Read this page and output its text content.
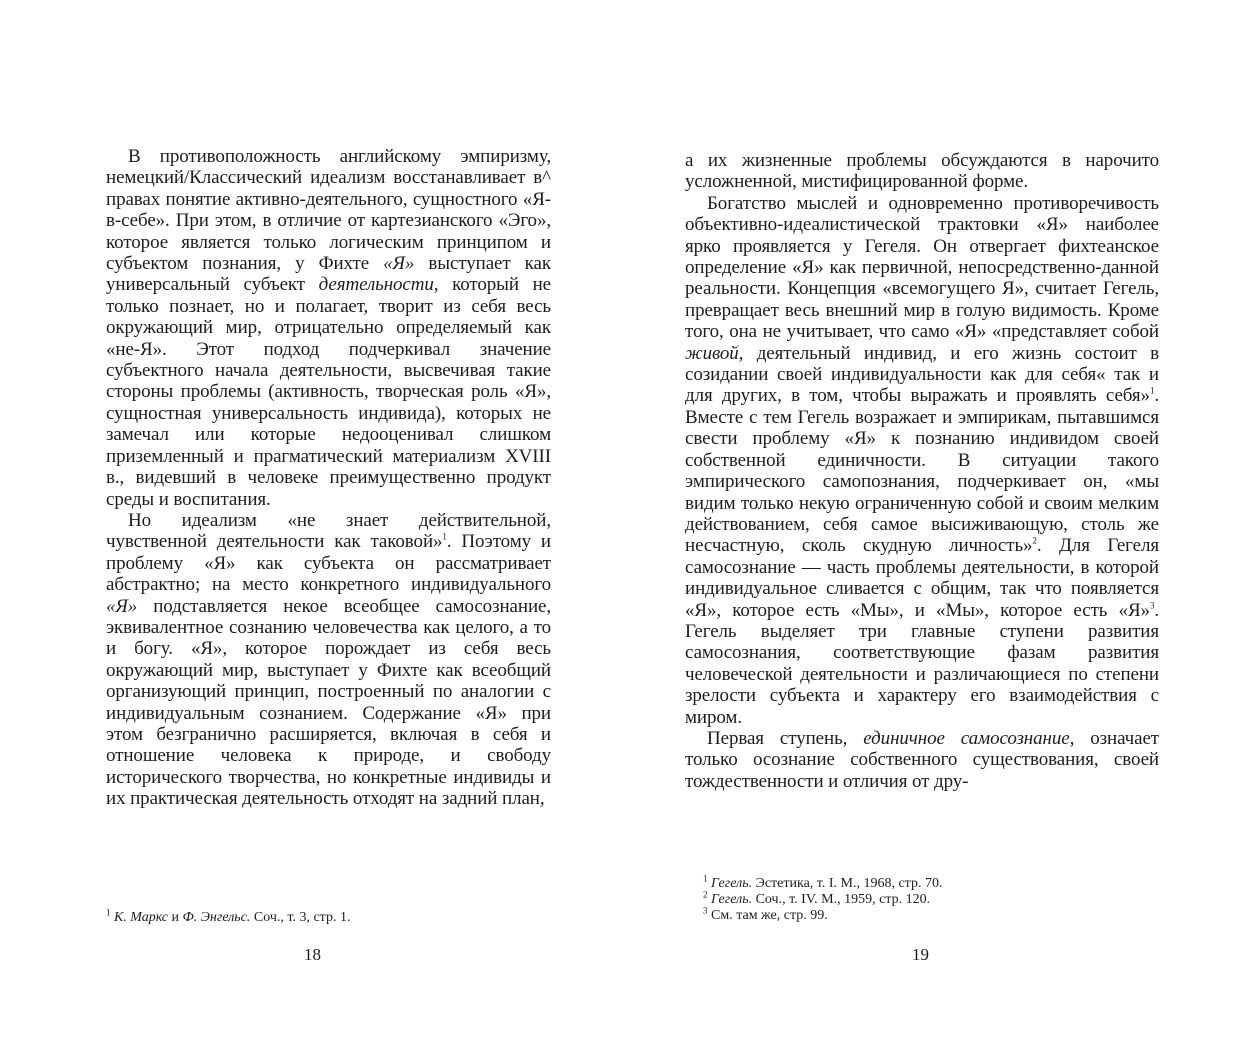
В противоположность английскому эмпиризму, немецкий/Классический идеализм восстанавливает в^ правах понятие активно-деятельного, сущностного «Я-в-себе». При этом, в отличие от картезианского «Эго», которое является только логическим принципом и субъектом познания, у Фихте «Я» выступает как универсальный субъект деятельности, который не только познает, но и полагает, творит из себя весь окружающий мир, отрицательно определяемый как «не-Я». Этот подход подчеркивал значение субъектного начала деятельности, высвечивая такие стороны проблемы (активность, творческая роль «Я», сущностная универсальность индивида), которых не замечал или которые недооценивал слишком приземленный и прагматический материализм XVIII в., видевший в человеке преимущественно продукт среды и воспитания.

Но идеализм «не знает действительной, чувственной деятельности как таковой»$^1$. Поэтому и проблему «Я» как субъекта он рассматривает абстрактно; на место конкретного индивидуального «Я» подставляется некое всеобщее самосознание, эквивалентное сознанию человечества как целого, а то и богу. «Я», которое порождает из себя весь окружающий мир, выступает у Фихте как всеобщий организующий принцип, построенный по аналогии с индивидуальным сознанием. Содержание «Я» при этом безгранично расширяется, включая в себя и отношение человека к природе, и свободу исторического творчества, но конкретные индивиды и их практическая деятельность отходят на задний план,

$^1$ К. Маркс и Ф. Энгельс. Соч., т. 3, стр. 1.

18

а их жизненные проблемы обсуждаются в нарочито усложненной, мистифицированной форме.

Богатство мыслей и одновременно противоречивость объективно-идеалистической трактовки «Я» наиболее ярко проявляется у Гегеля. Он отвергает фихтеанское определение «Я» как первичной, непосредственно-данной реальности. Концепция «всемогущего Я», считает Гегель, превращает весь внешний мир в голую видимость. Кроме того, она не учитывает, что само «Я» «представляет собой живой, деятельный индивид, и его жизнь состоит в созидании своей индивидуальности как для себя« так и для других, в том, чтобы выражать и проявлять себя»$^1$. Вместе с тем Гегель возражает и эмпирикам, пытавшимся свести проблему «Я» к познанию индивидом своей собственной единичности. В ситуации такого эмпирического самопознания, подчеркивает он, «мы видим только некую ограниченную собой и своим мелким действованием, себя самое высиживающую, столь же несчастную, сколь скудную личность»$^2$. Для Гегеля самосознание — часть проблемы деятельности, в которой индивидуальное сливается с общим, так что появляется «Я», которое есть «Мы», и «Мы», которое есть «Я»$^3$. Гегель выделяет три главные ступени развития самосознания, соответствующие фазам развития человеческой деятельности и различающиеся по степени зрелости субъекта и характеру его взаимодействия с миром.

Первая ступень, единичное самосознание, означает только осознание собственного существования, своей тождественности и отличия от дру-

$^1$ Гегель. Эстетика, т. I. М., 1968, стр. 70.

$^2$ Гегель. Соч., т. IV. М., 1959, стр. 120.

$^3$ См. там же, стр. 99.

19
